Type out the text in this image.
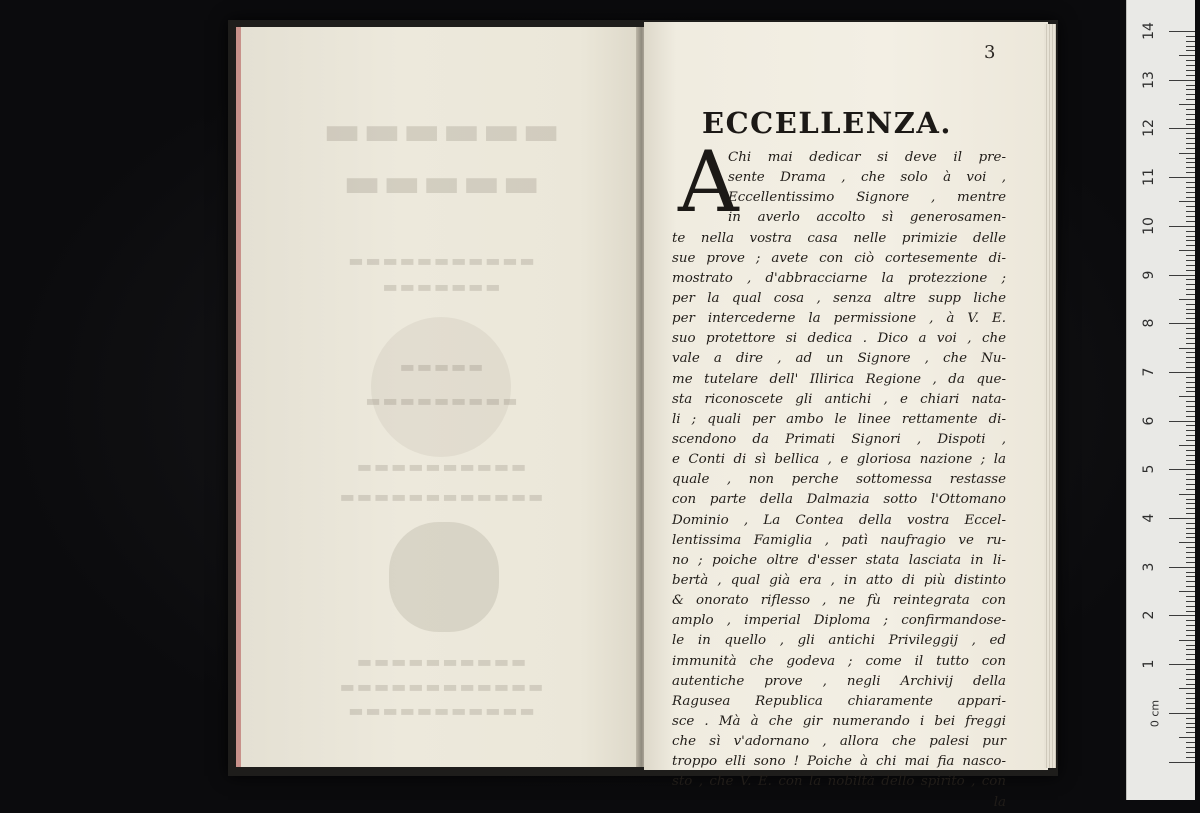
▬▬▬▬▬▬
▬▬▬▬▬
▬▬▬▬▬▬▬▬▬▬▬
▬▬▬▬▬▬▬
▬▬▬▬▬
▬▬▬▬▬▬▬▬▬
▬▬▬▬▬▬▬▬▬▬
▬▬▬▬▬▬▬▬▬▬▬▬
▬▬▬▬▬▬▬▬▬▬
▬▬▬▬▬▬▬▬▬▬▬▬
▬▬▬▬▬▬▬▬▬▬▬
3
ECCELLENZA.
A
Chi mai dedicar si deve il pre-
sente Drama , che solo à voi ,
Eccellentissimo Signore , mentre
in averlo accolto sì generosamen-
te nella vostra casa nelle primizie delle
sue prove ; avete con ciò cortesemente di-
mostrato , d'abbracciarne la protezzione ;
per la qual cosa , senza altre supp liche
per intercederne la permissione , à V. E.
suo protettore si dedica . Dico a voi , che
vale a dire , ad un Signore , che Nu-
me tutelare dell' Illirica Regione , da que-
sta riconoscete gli antichi , e chiari nata-
li ; quali per ambo le linee rettamente di-
scendono da Primati Signori , Dispoti ,
e Conti di sì bellica , e gloriosa nazione ; la
quale , non perche sottomessa restasse
con parte della Dalmazia sotto l'Ottomano
Dominio , La Contea della vostra Eccel-
lentissima Famiglia , patì naufragio ve ru-
no ; poiche oltre d'esser stata lasciata in li-
bertà , qual già era , in atto di più distinto
& onorato riflesso , ne fù reintegrata con
amplo , imperial Diploma ; confirmandose-
le in quello , gli antichi Privileggij , ed
immunità che godeva ; come il tutto con
autentiche prove , negli Archivij della
Ragusea Republica chiaramente appari-
sce . Mà à che gir numerando i bei freggi
che sì v'adornano , allora che palesi pur
troppo elli sono ! Poiche à chi mai fia nasco-
sto , che V. E. con la nobiltà dello spirito , con
la
14
13
12
11
10
9
8
7
6
5
4
3
2
1
0 cm
